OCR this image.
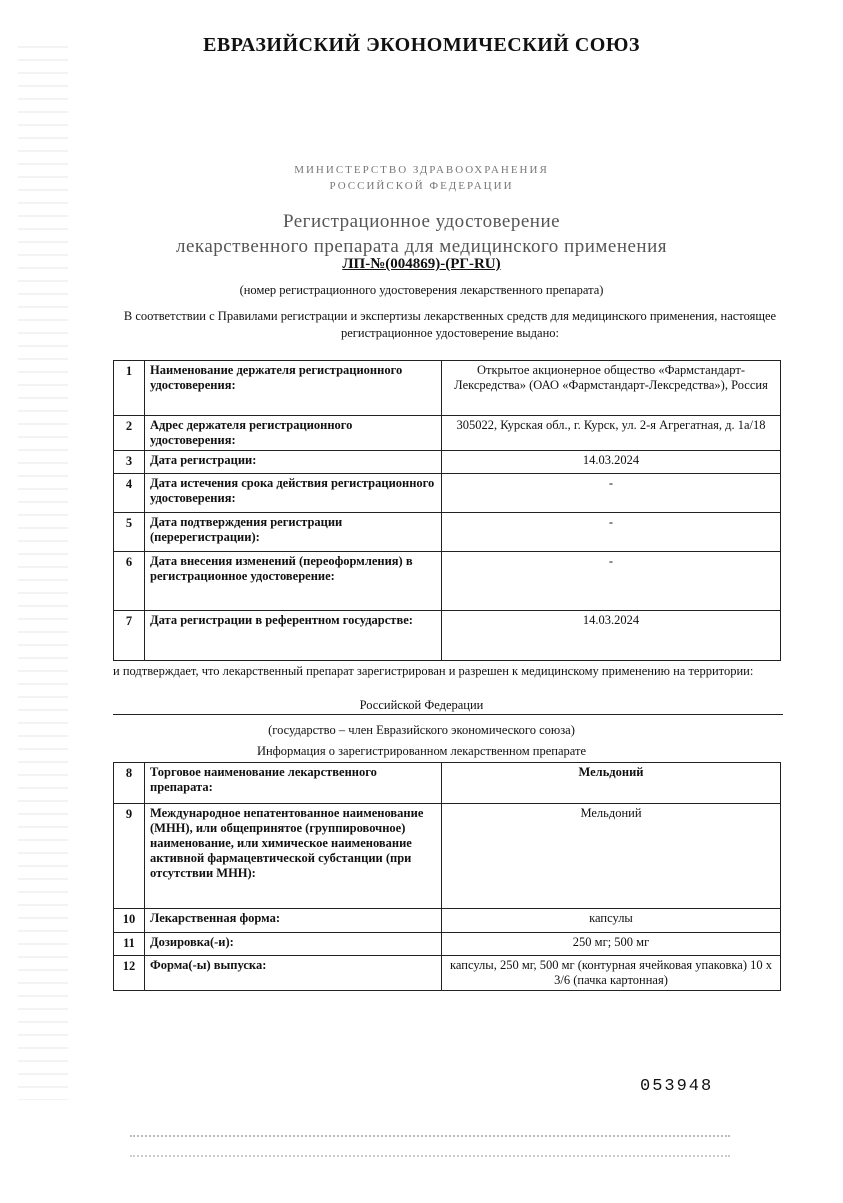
ЕВРАЗИЙСКИЙ ЭКОНОМИЧЕСКИЙ СОЮЗ
МИНИСТЕРСТВО ЗДРАВООХРАНЕНИЯ
РОССИЙСКОЙ ФЕДЕРАЦИИ
Регистрационное удостоверение
лекарственного препарата для медицинского применения
ЛП-№(004869)-(РГ-RU)
(номер регистрационного удостоверения лекарственного препарата)
В соответствии с Правилами регистрации и экспертизы лекарственных средств для медицинского применения, настоящее регистрационное удостоверение выдано:
1	Наименование держателя регистрационного удостоверения:	Открытое акционерное общество «Фармстандарт-Лексредства» (ОАО «Фармстандарт-Лексредства»), Россия
2	Адрес держателя регистрационного удостоверения:	305022, Курская обл., г. Курск, ул. 2-я Агрегатная, д. 1а/18
3	Дата регистрации:	14.03.2024
4	Дата истечения срока действия регистрационного удостоверения:	-
5	Дата подтверждения регистрации (перерегистрации):	-
6	Дата внесения изменений (переоформления) в регистрационное удостоверение:	-
7	Дата регистрации в референтном государстве:	14.03.2024
и подтверждает, что лекарственный препарат зарегистрирован и разрешен к медицинскому применению на территории:
Российской Федерации
(государство – член Евразийского экономического союза)
Информация о зарегистрированном лекарственном препарате
8	Торговое наименование лекарственного препарата:	Мельдоний
9	Международное непатентованное наименование (МНН), или общепринятое (группировочное) наименование, или химическое наименование активной фармацевтической субстанции (при отсутствии МНН):	Мельдоний
10	Лекарственная форма:	капсулы
11	Дозировка(-и):	250 мг; 500 мг
12	Форма(-ы) выпуска:	капсулы, 250 мг, 500 мг (контурная ячейковая упаковка) 10 х 3/6 (пачка картонная)
053948
